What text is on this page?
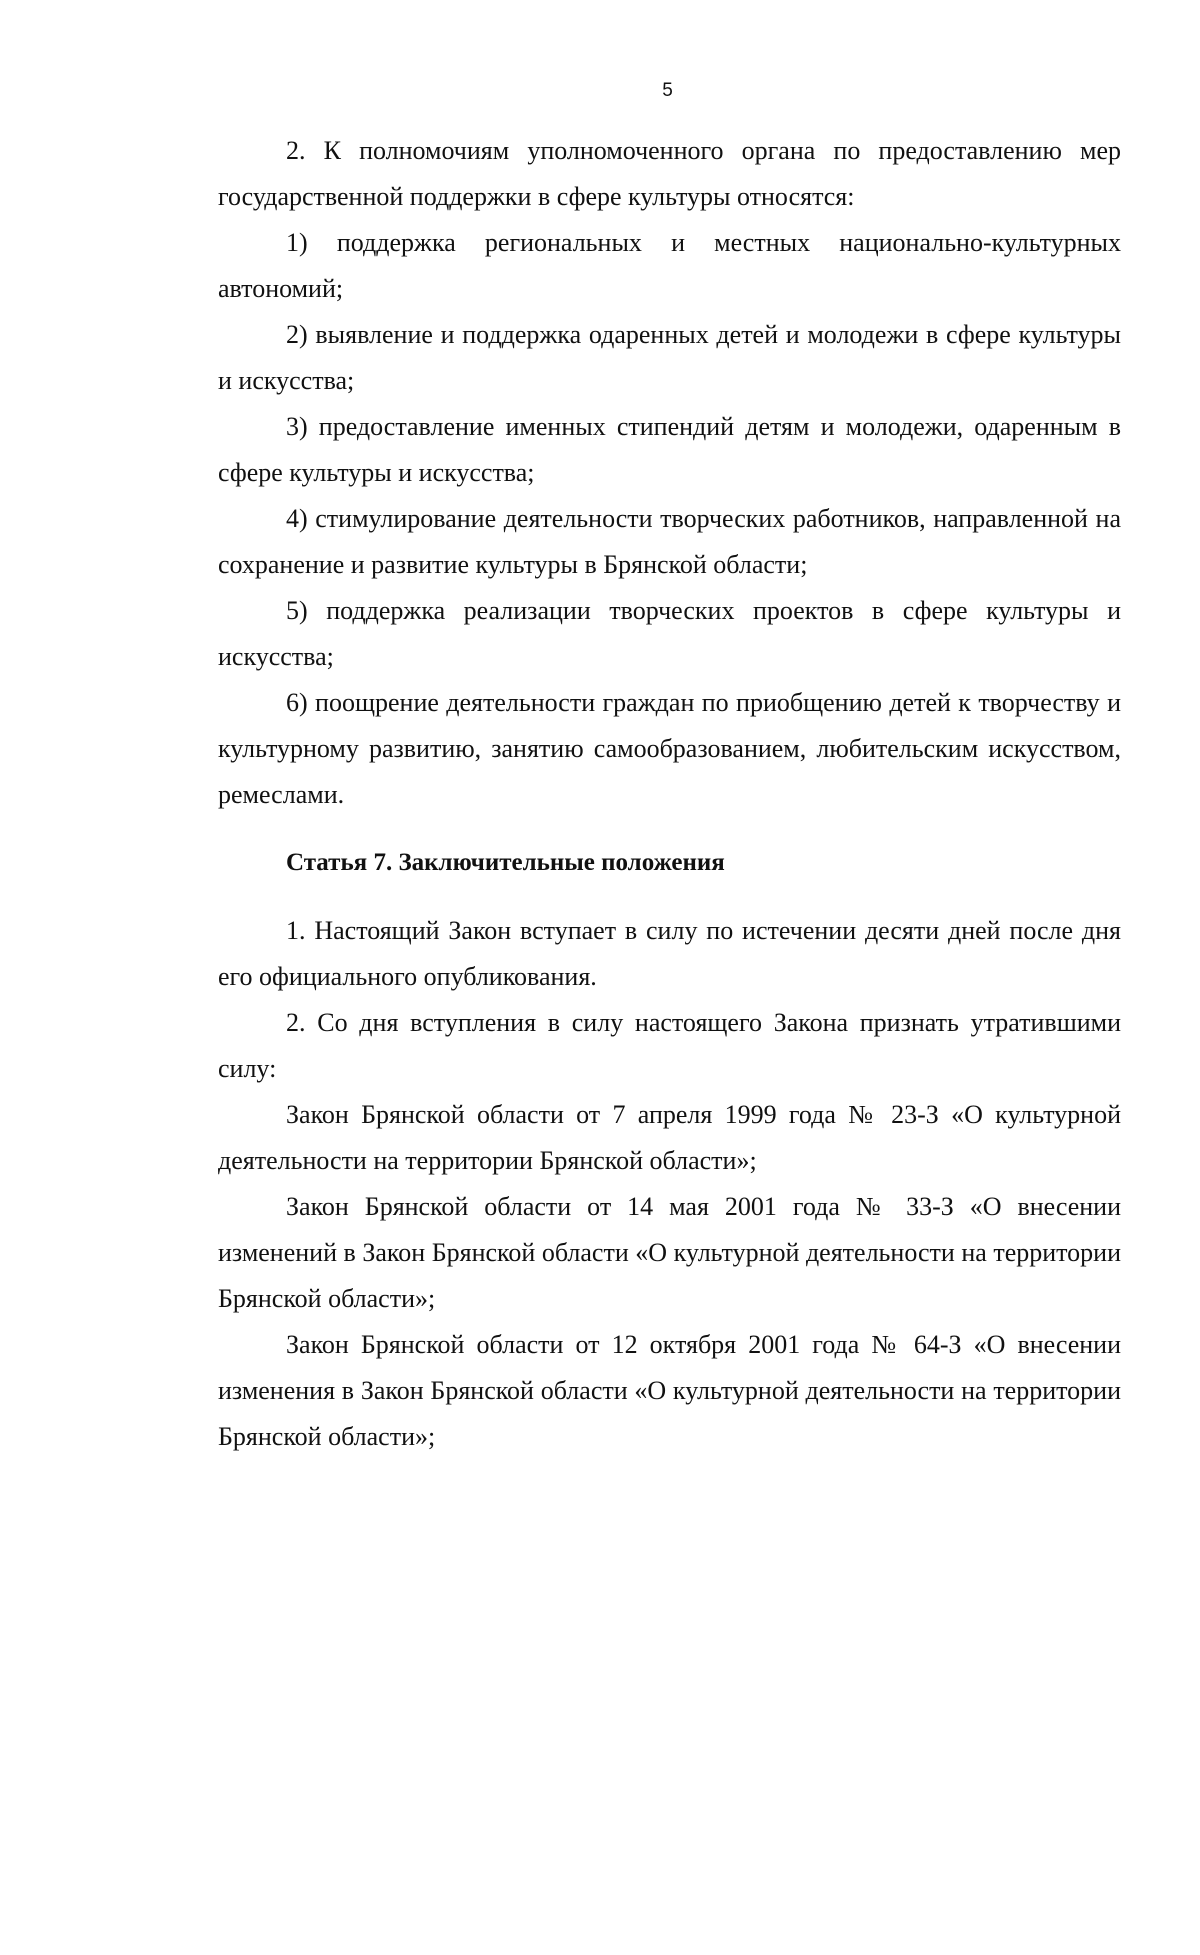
5

2. К полномочиям уполномоченного органа по предоставлению мер государственной поддержки в сфере культуры относятся:

1) поддержка региональных и местных национально-культурных автономий;

2) выявление и поддержка одаренных детей и молодежи в сфере культуры и искусства;

3) предоставление именных стипендий детям и молодежи, одаренным в сфере культуры и искусства;

4) стимулирование деятельности творческих работников, направленной на сохранение и развитие культуры в Брянской области;

5) поддержка реализации творческих проектов в сфере культуры и искусства;

6) поощрение деятельности граждан по приобщению детей к творчеству и культурному развитию, занятию самообразованием, любительским искусством, ремеслами.

Статья 7. Заключительные положения

1. Настоящий Закон вступает в силу по истечении десяти дней после дня его официального опубликования.

2. Со дня вступления в силу настоящего Закона признать утратившими силу:

Закон Брянской области от 7 апреля 1999 года № 23-З «О культурной деятельности на территории Брянской области»;

Закон Брянской области от 14 мая 2001 года № 33-З «О внесении изменений в Закон Брянской области «О культурной деятельности на территории Брянской области»;

Закон Брянской области от 12 октября 2001 года № 64-З «О внесении изменения в Закон Брянской области «О культурной деятельности на территории Брянской области»;
